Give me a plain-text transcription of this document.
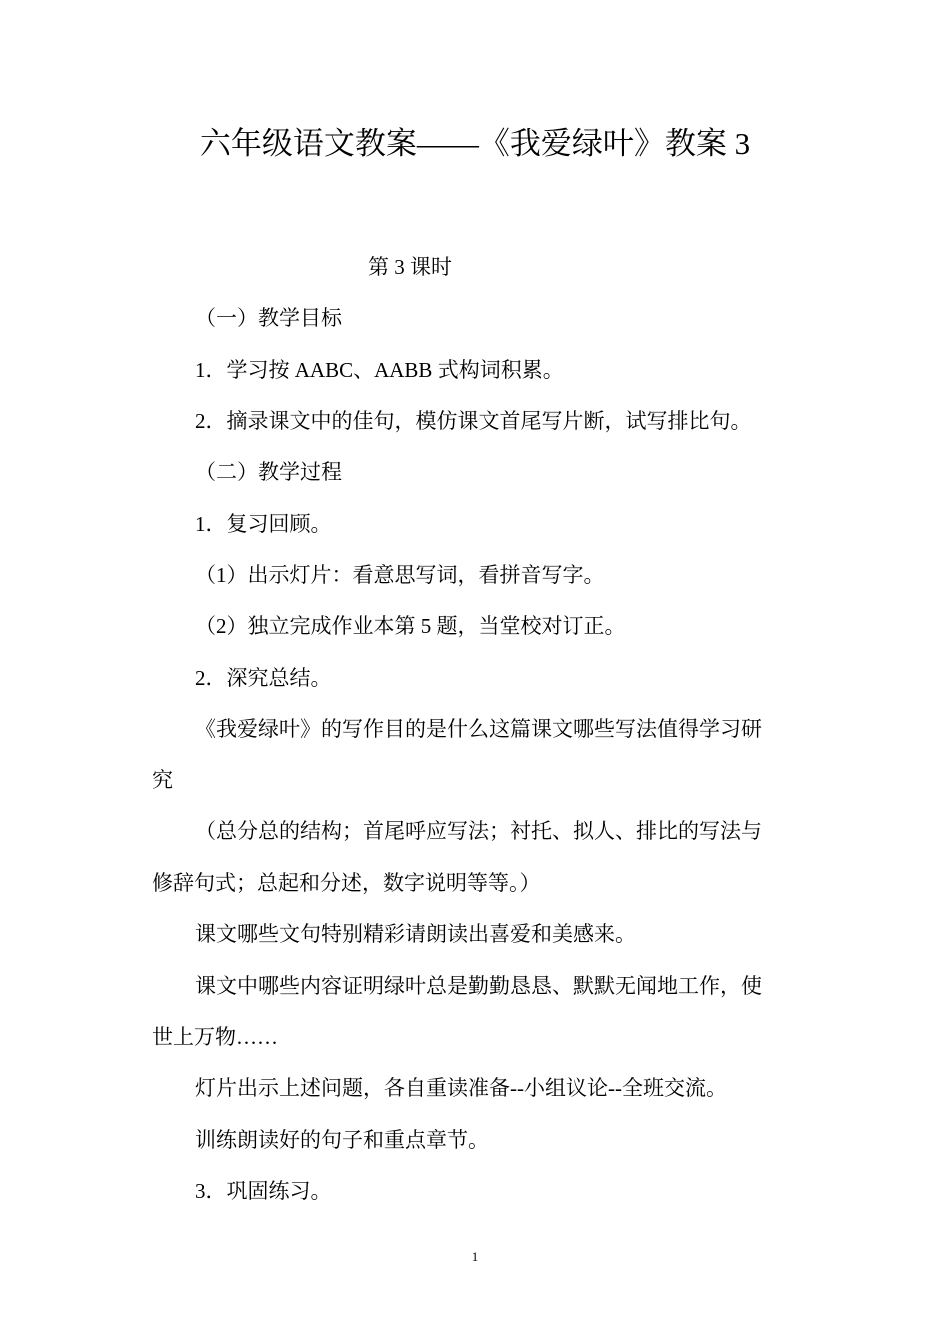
六年级语文教案——《我爱绿叶》教案 3

第 3 课时

（一）教学目标

1．学习按 AABC、AABB 式构词积累。

2．摘录课文中的佳句，模仿课文首尾写片断，试写排比句。

（二）教学过程

1．复习回顾。

（1）出示灯片：看意思写词，看拼音写字。

（2）独立完成作业本第 5 题，当堂校对订正。

2．深究总结。

《我爱绿叶》的写作目的是什么这篇课文哪些写法值得学习研

究

（总分总的结构；首尾呼应写法；衬托、拟人、排比的写法与

修辞句式；总起和分述，数字说明等等。）

课文哪些文句特别精彩请朗读出喜爱和美感来。

课文中哪些内容证明绿叶总是勤勤恳恳、默默无闻地工作，使

世上万物……

灯片出示上述问题，各自重读准备--小组议论--全班交流。

训练朗读好的句子和重点章节。

3．巩固练习。

1
